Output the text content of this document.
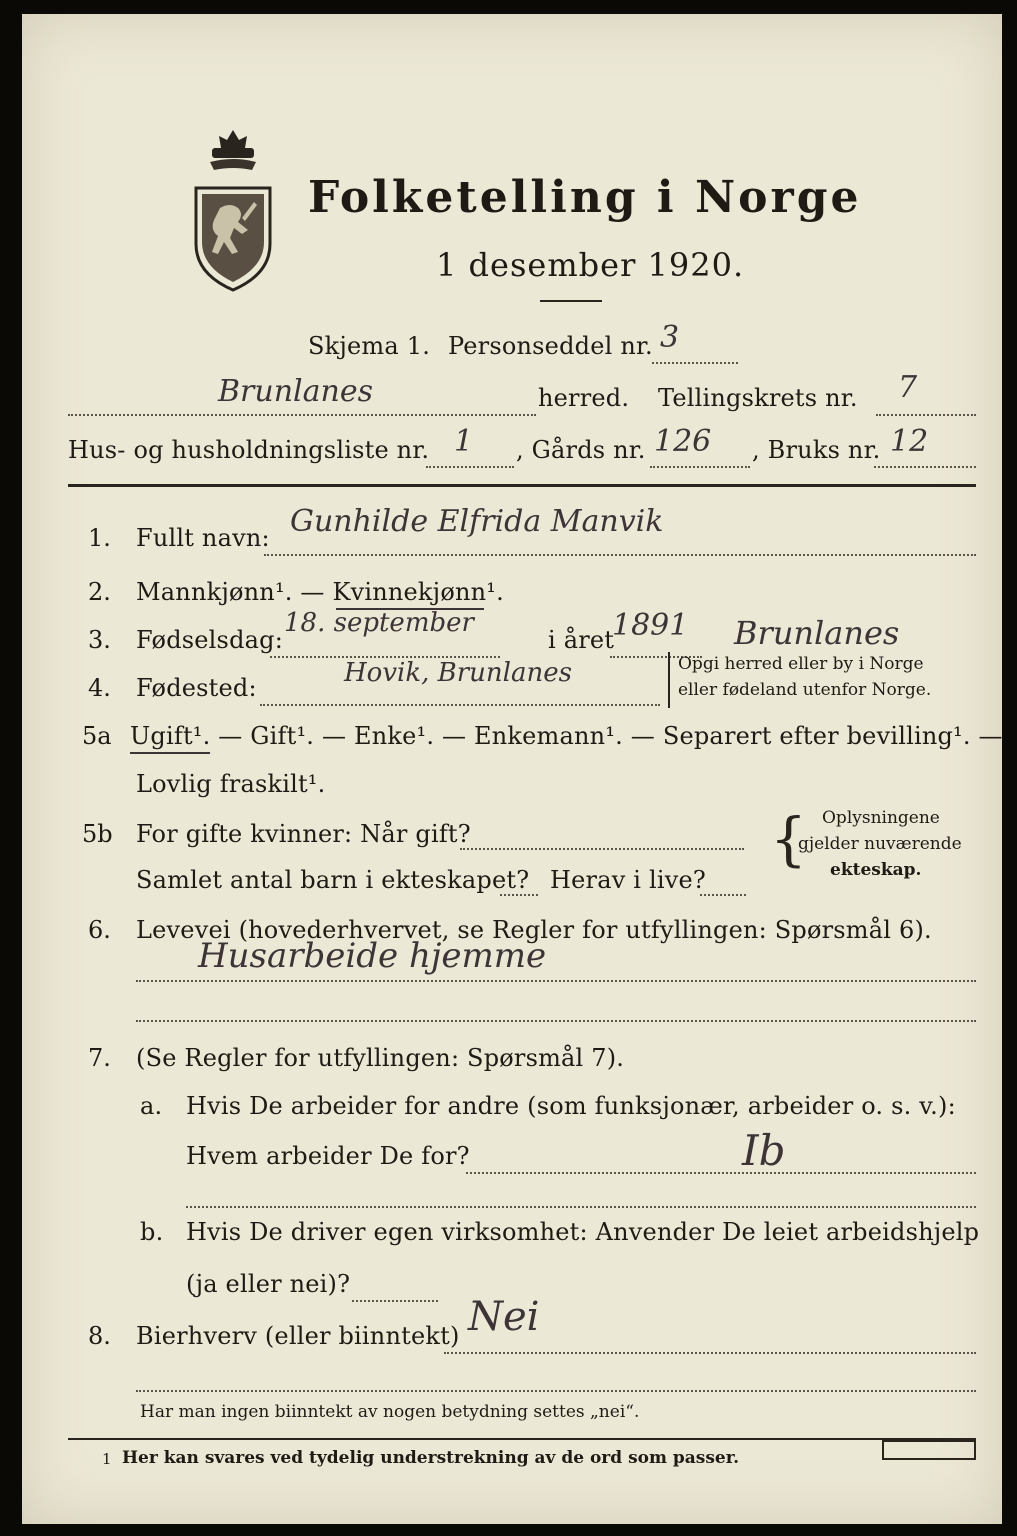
Folketelling i Norge
1 desember 1920.
Skjema 1. Personseddel nr. 3
Brunlanes	herred. Tellingskrets nr. 7
Hus- og husholdningsliste nr. 1 , Gårds nr. 126 , Bruks nr. 12
1. Fullt navn: Gunhilde Elfrida Manvik
2. Mannkjønn¹. — Kvinnekjønn¹.
3. Fødselsdag:
18. september
i året
1891 Brunlanes
4. Fødested:	Hovik, Brunlanes	Opgi herred eller by i Norge
eller fødeland utenfor Norge.
5a Ugift¹. — Gift¹. — Enke¹. — Enkemann¹. — Separert efter bevilling¹. —
Lovlig fraskilt¹.
5b For gifte kvinner: Når gift?
Samlet antal barn i ekteskapet? Herav i live?
{ Oplysningene
gjelder nuværende
ekteskap.
6. Levevei (hovederhvervet, se Regler for utfyllingen: Spørsmål 6).
Husarbeide hjemme
7. (Se Regler for utfyllingen: Spørsmål 7).
a. Hvis De arbeider for andre (som funksjonær, arbeider o. s. v.):
Hvem arbeider De for?	Ib
b. Hvis De driver egen virksomhet: Anvender De leiet arbeidshjelp
(ja eller nei)?
8. Bierhverv (eller biinntekt) Nei
Har man ingen biinntekt av nogen betydning settes „nei“.
1 Her kan svares ved tydelig understrekning av de ord som passer.
